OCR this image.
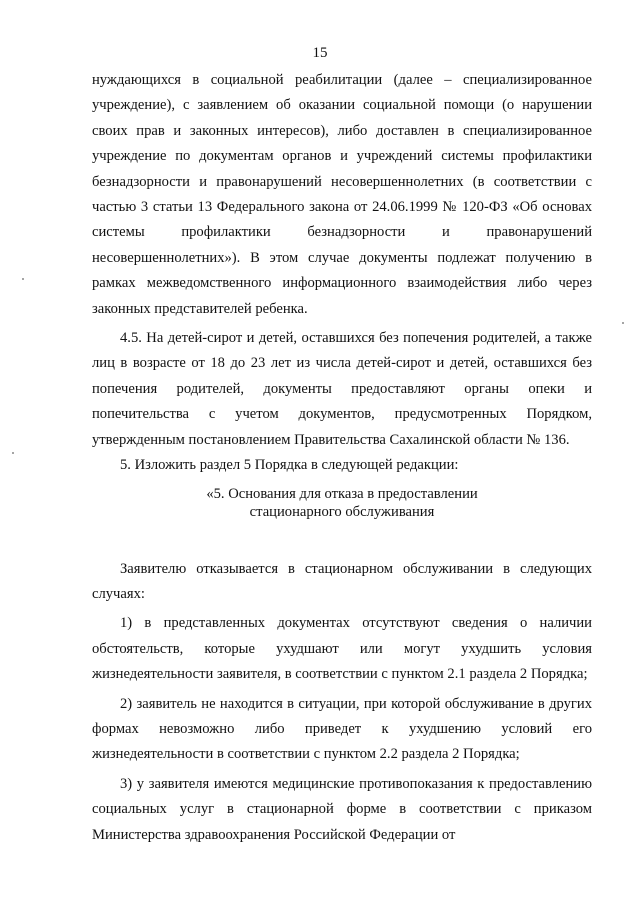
15

нуждающихся в социальной реабилитации (далее – специализированное учреждение), с заявлением об оказании социальной помощи (о нарушении своих прав и законных интересов), либо доставлен в специализированное учреждение по документам органов и учреждений системы профилактики безнадзорности и правонарушений несовершеннолетних (в соответствии с частью 3 статьи 13 Федерального закона от 24.06.1999 № 120-ФЗ «Об основах системы профилактики безнадзорности и правонарушений несовершеннолетних»). В этом случае документы подлежат получению в рамках межведомственного информационного взаимодействия либо через законных представителей ребенка.

4.5. На детей-сирот и детей, оставшихся без попечения родителей, а также лиц в возрасте от 18 до 23 лет из числа детей-сирот и детей, оставшихся без попечения родителей, документы предоставляют органы опеки и попечительства с учетом документов, предусмотренных Порядком, утвержденным постановлением Правительства Сахалинской области № 136.

5. Изложить раздел 5 Порядка в следующей редакции:

«5. Основания для отказа в предоставлении
стационарного обслуживания

Заявителю отказывается в стационарном обслуживании в следующих случаях:

1) в представленных документах отсутствуют сведения о наличии обстоятельств, которые ухудшают или могут ухудшить условия жизнедеятельности заявителя, в соответствии с пунктом 2.1 раздела 2 Порядка;

2) заявитель не находится в ситуации, при которой обслуживание в других формах невозможно либо приведет к ухудшению условий его жизнедеятельности в соответствии с пунктом 2.2 раздела 2 Порядка;

3) у заявителя имеются медицинские противопоказания к предоставлению социальных услуг в стационарной форме в соответствии с приказом Министерства здравоохранения Российской Федерации от
